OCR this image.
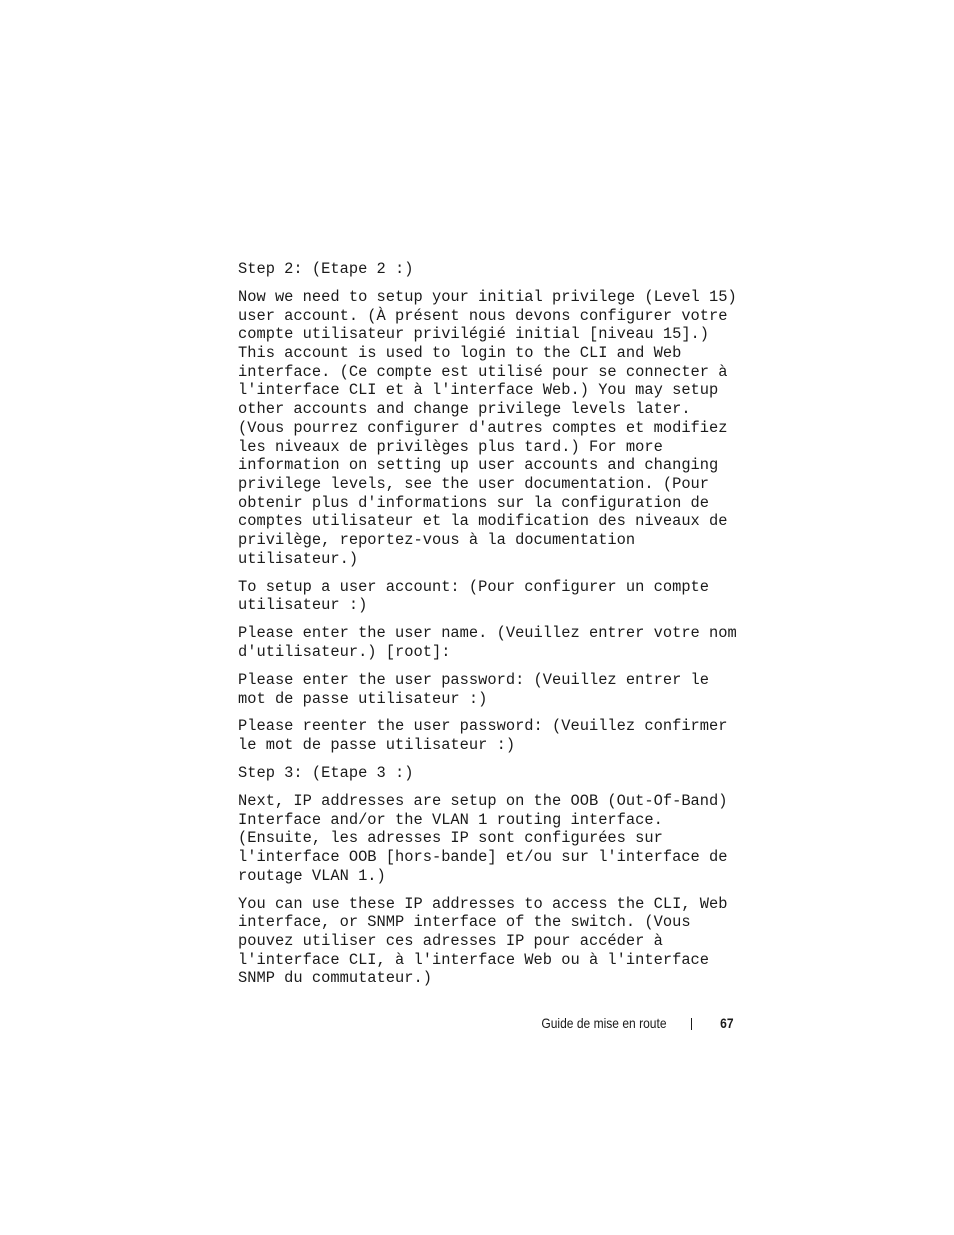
Step 2: (Etape 2 :)

Now we need to setup your initial privilege (Level 15)
user account. (À présent nous devons configurer votre
compte utilisateur privilégié initial [niveau 15].)
This account is used to login to the CLI and Web
interface. (Ce compte est utilisé pour se connecter à
l'interface CLI et à l'interface Web.) You may setup
other accounts and change privilege levels later.
(Vous pourrez configurer d'autres comptes et modifiez
les niveaux de privilèges plus tard.) For more
information on setting up user accounts and changing
privilege levels, see the user documentation. (Pour
obtenir plus d'informations sur la configuration de
comptes utilisateur et la modification des niveaux de
privilège, reportez-vous à la documentation
utilisateur.)

To setup a user account: (Pour configurer un compte
utilisateur :)

Please enter the user name. (Veuillez entrer votre nom
d'utilisateur.) [root]:

Please enter the user password: (Veuillez entrer le
mot de passe utilisateur :)

Please reenter the user password: (Veuillez confirmer
le mot de passe utilisateur :)

Step 3: (Etape 3 :)

Next, IP addresses are setup on the OOB (Out-Of-Band)
Interface and/or the VLAN 1 routing interface.
(Ensuite, les adresses IP sont configurées sur
l'interface OOB [hors-bande] et/ou sur l'interface de
routage VLAN 1.)

You can use these IP addresses to access the CLI, Web
interface, or SNMP interface of the switch. (Vous
pouvez utiliser ces adresses IP pour accéder à
l'interface CLI, à l'interface Web ou à l'interface
SNMP du commutateur.)

Guide de mise en route	67
